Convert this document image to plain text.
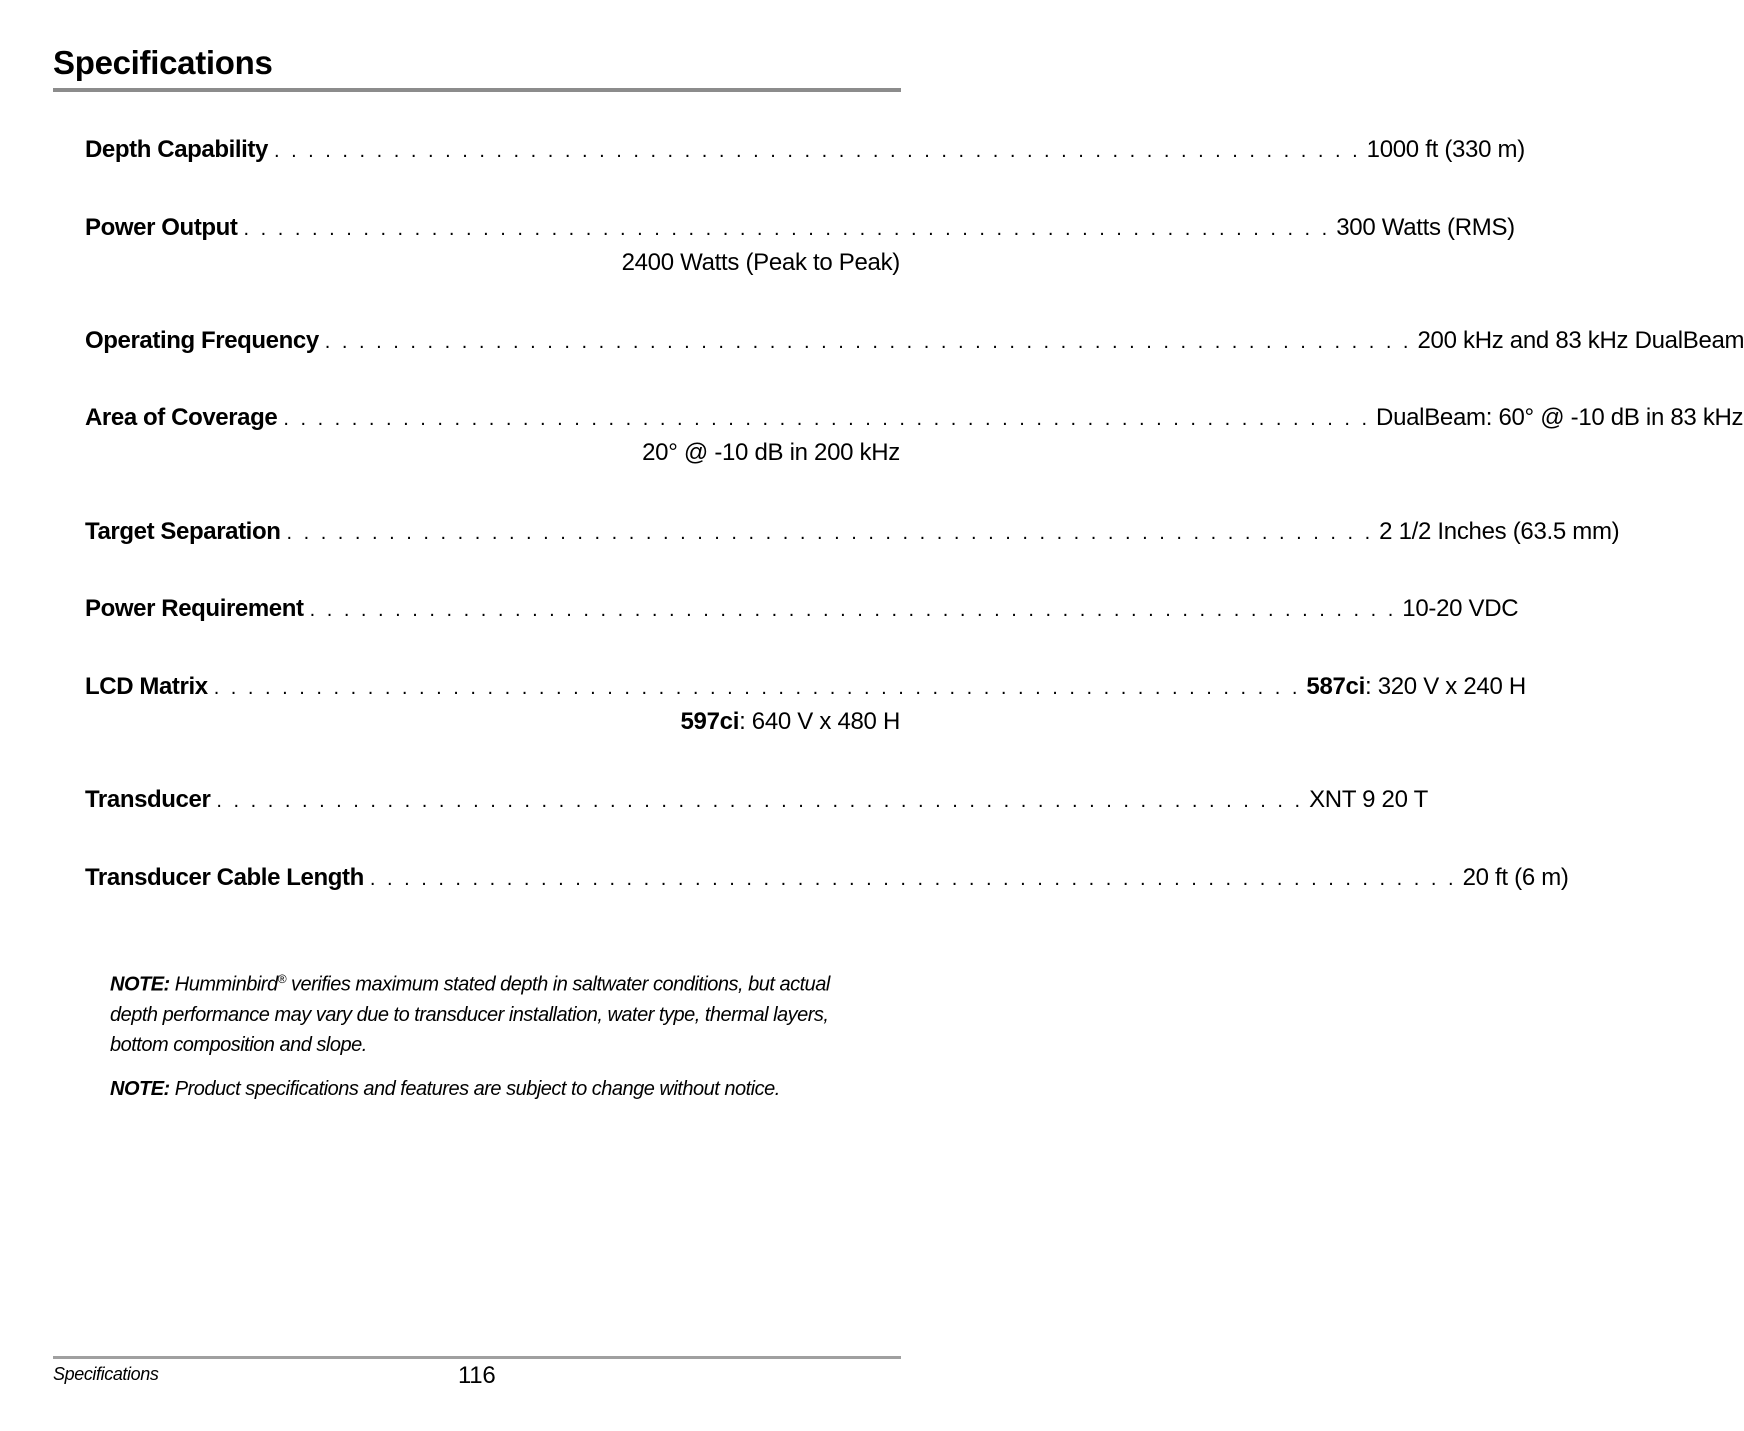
Specifications
Depth Capability . . . . . . . . . . . . . . . . . . . . . . . . . . . . . . . . . . . . . . . . . . . . . . . . . . . . . . . . . . . . . . . . 1000 ft (330 m)
Power Output . . . . . . . . . . . . . . . . . . . . . . . . . . . . . . . . . . . . . . . . . . . . . . . . . . . . . . . . . . . . . . . . 300 Watts (RMS)
2400 Watts (Peak to Peak)
Operating Frequency . . . . . . . . . . . . . . . . . . . . . . . . . . . . . . . . . . . . . . . . . . . . . . . . . . . . . . . . . . . . . . . . 200 kHz and 83 kHz DualBeam
Area of Coverage . . . . . . . . . . . . . . . . . . . . . . . . . . . . . . . . . . . . . . . . . . . . . . . . . . . . . . . . . . . . . . . . DualBeam: 60° @ -10 dB in 83 kHz
20° @ -10 dB in 200 kHz
Target Separation . . . . . . . . . . . . . . . . . . . . . . . . . . . . . . . . . . . . . . . . . . . . . . . . . . . . . . . . . . . . . . . . 2 1/2 Inches (63.5 mm)
Power Requirement . . . . . . . . . . . . . . . . . . . . . . . . . . . . . . . . . . . . . . . . . . . . . . . . . . . . . . . . . . . . . . . . 10-20 VDC
LCD Matrix . . . . . . . . . . . . . . . . . . . . . . . . . . . . . . . . . . . . . . . . . . . . . . . . . . . . . . . . . . . . . . . . 587ci: 320 V x 240 H
597ci: 640 V x 480 H
Transducer . . . . . . . . . . . . . . . . . . . . . . . . . . . . . . . . . . . . . . . . . . . . . . . . . . . . . . . . . . . . . . . . XNT 9 20 T
Transducer Cable Length . . . . . . . . . . . . . . . . . . . . . . . . . . . . . . . . . . . . . . . . . . . . . . . . . . . . . . . . . . . . . . . . 20 ft (6 m)
NOTE: Humminbird® verifies maximum stated depth in saltwater conditions, but actual depth performance may vary due to transducer installation, water type, thermal layers, bottom composition and slope.
NOTE: Product specifications and features are subject to change without notice.
Specifications	116
